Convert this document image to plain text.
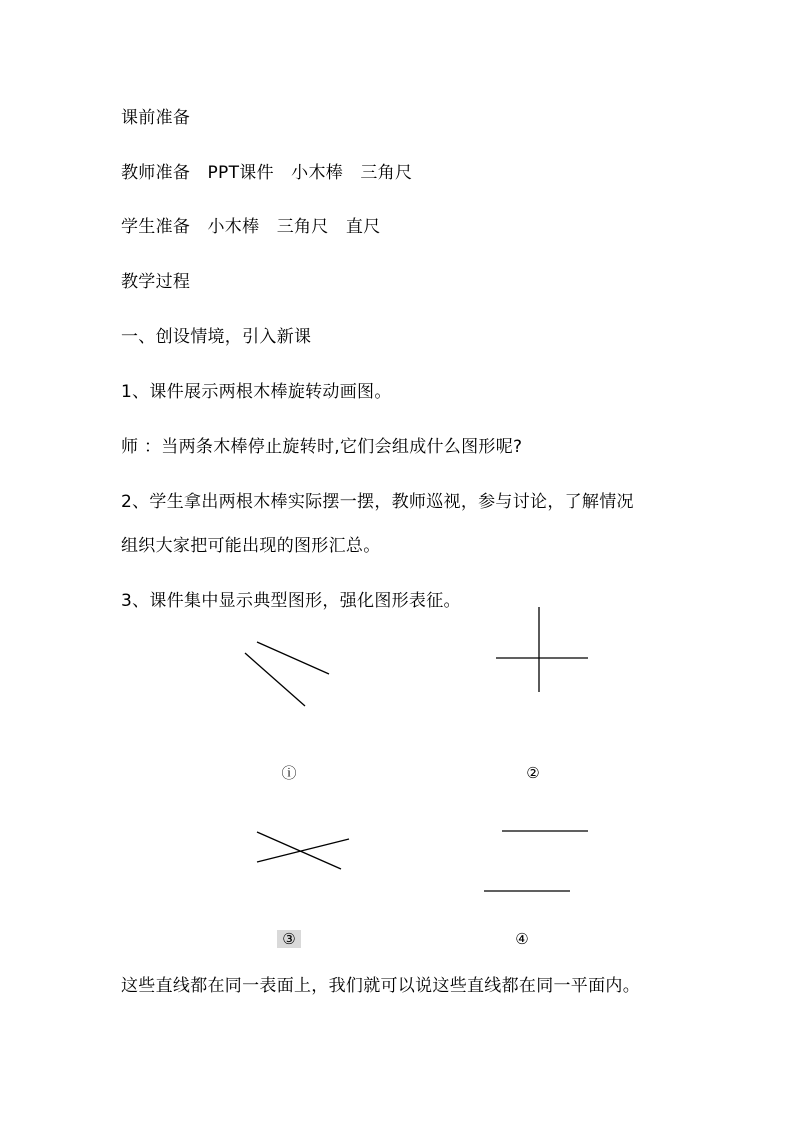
课前准备
教师准备　PPT课件　小木棒　三角尺
学生准备　小木棒　三角尺　直尺
教学过程
一、创设情境，引入新课
1、课件展示两根木棒旋转动画图。
师 ：当两条木棒停止旋转时,它们会组成什么图形呢?
2、学生拿出两根木棒实际摆一摆，教师巡视，参与讨论，了解情况
组织大家把可能出现的图形汇总。
3、课件集中显示典型图形，强化图形表征。
ⓘ	②
③	④
这些直线都在同一表面上，我们就可以说这些直线都在同一平面内。
